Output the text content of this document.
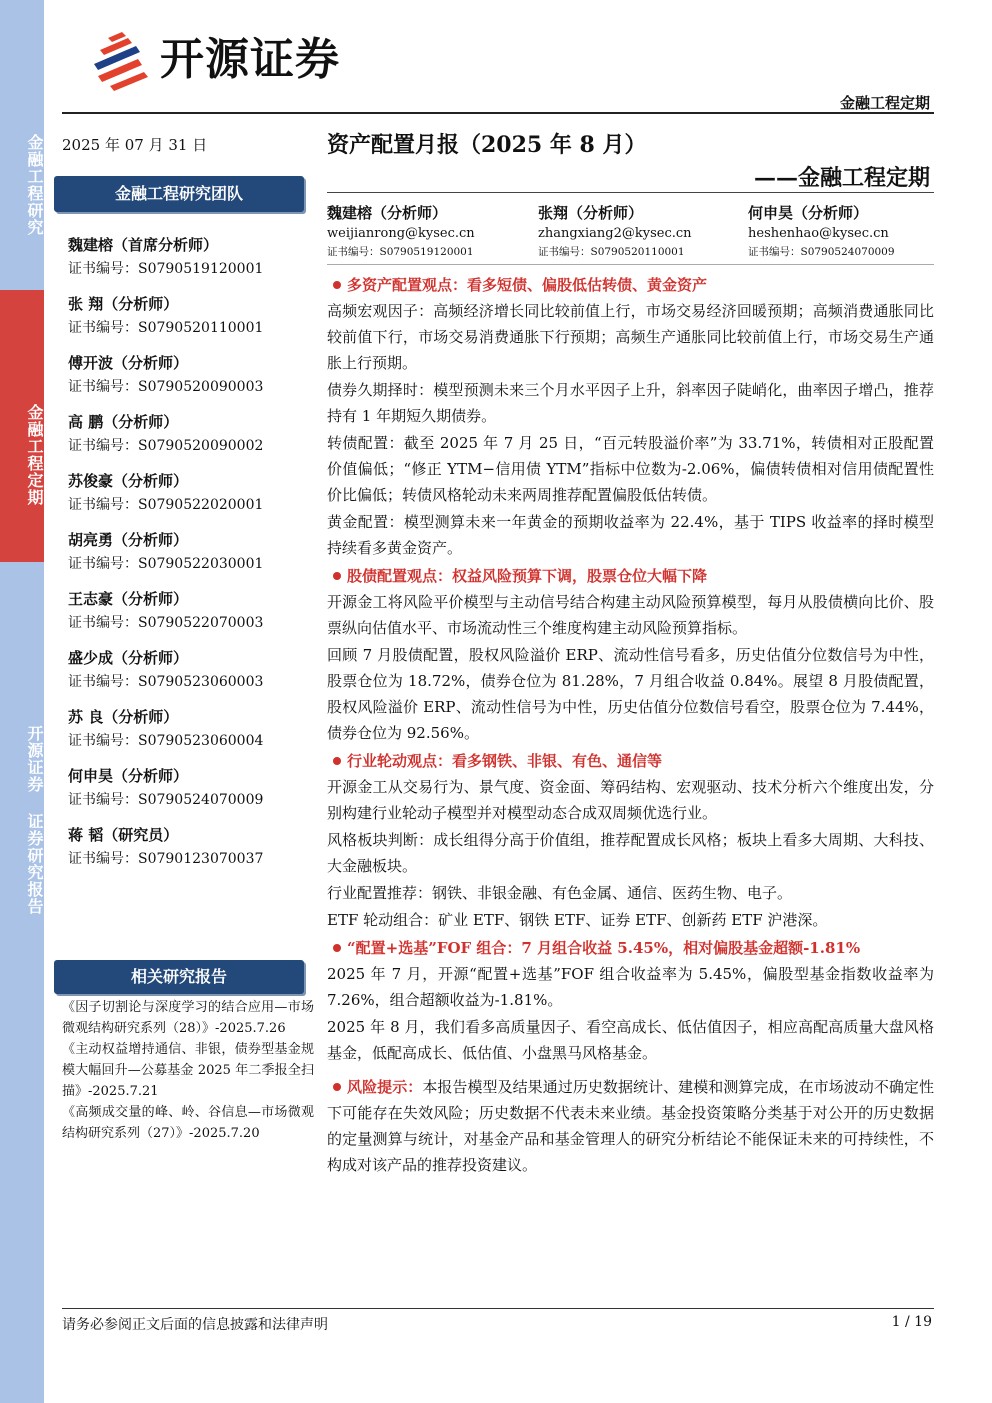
金融工程研究
金融工程定期
开源证券 证券研究报告
开源证券
金融工程定期
2025 年 07 月 31 日	资产配置月报（2025 年 8 月）
——金融工程定期
金融工程研究团队
魏建榕（首席分析师）
证书编号：S0790519120001
张 翔（分析师）
证书编号：S0790520110001
傅开波（分析师）
证书编号：S0790520090003
高 鹏（分析师）
证书编号：S0790520090002
苏俊豪（分析师）
证书编号：S0790522020001
胡亮勇（分析师）
证书编号：S0790522030001
王志豪（分析师）
证书编号：S0790522070003
盛少成（分析师）
证书编号：S0790523060003
苏 良（分析师）
证书编号：S0790523060004
何申昊（分析师）
证书编号：S0790524070009
蒋 韬（研究员）
证书编号：S0790123070037
相关研究报告
《因子切割论与深度学习的结合应用—市场微观结构研究系列（28）》-2025.7.26
《主动权益增持通信、非银，债券型基金规模大幅回升—公募基金 2025 年二季报全扫描》-2025.7.21
《高频成交量的峰、岭、谷信息—市场微观结构研究系列（27）》-2025.7.20
魏建榕（分析师）
weijianrong@kysec.cn
证书编号：S0790519120001
张翔（分析师）
zhangxiang2@kysec.cn
证书编号：S0790520110001
何申昊（分析师）
heshenhao@kysec.cn
证书编号：S0790524070009
多资产配置观点：看多短债、偏股低估转债、黄金资产

高频宏观因子：高频经济增长同比较前值上行，市场交易经济回暖预期；高频消费通胀同比较前值下行，市场交易消费通胀下行预期；高频生产通胀同比较前值上行，市场交易生产通胀上行预期。

债券久期择时：模型预测未来三个月水平因子上升，斜率因子陡峭化，曲率因子增凸，推荐持有 1 年期短久期债券。

转债配置：截至 2025 年 7 月 25 日，“百元转股溢价率”为 33.71%，转债相对正股配置价值偏低；“修正 YTM−信用债 YTM”指标中位数为-2.06%，偏债转债相对信用债配置性价比偏低；转债风格轮动未来两周推荐配置偏股低估转债。

黄金配置：模型测算未来一年黄金的预期收益率为 22.4%，基于 TIPS 收益率的择时模型持续看多黄金资产。

股债配置观点：权益风险预算下调，股票仓位大幅下降

开源金工将风险平价模型与主动信号结合构建主动风险预算模型，每月从股债横向比价、股票纵向估值水平、市场流动性三个维度构建主动风险预算指标。

回顾 7 月股债配置，股权风险溢价 ERP、流动性信号看多，历史估值分位数信号为中性，股票仓位为 18.72%，债券仓位为 81.28%，7 月组合收益 0.84%。展望 8 月股债配置，股权风险溢价 ERP、流动性信号为中性，历史估值分位数信号看空，股票仓位为 7.44%，债券仓位为 92.56%。

行业轮动观点：看多钢铁、非银、有色、通信等

开源金工从交易行为、景气度、资金面、筹码结构、宏观驱动、技术分析六个维度出发，分别构建行业轮动子模型并对模型动态合成双周频优选行业。

风格板块判断：成长组得分高于价值组，推荐配置成长风格；板块上看多大周期、大科技、大金融板块。

行业配置推荐：钢铁、非银金融、有色金属、通信、医药生物、电子。

ETF 轮动组合：矿业 ETF、钢铁 ETF、证券 ETF、创新药 ETF 沪港深。

“配置+选基”FOF 组合：7 月组合收益 5.45%，相对偏股基金超额-1.81%

2025 年 7 月，开源“配置+选基”FOF 组合收益率为 5.45%，偏股型基金指数收益率为 7.26%，组合超额收益为-1.81%。

2025 年 8 月，我们看多高质量因子、看空高成长、低估值因子，相应高配高质量大盘风格基金，低配高成长、低估值、小盘黑马风格基金。

风险提示：本报告模型及结果通过历史数据统计、建模和测算完成，在市场波动不确定性下可能存在失效风险；历史数据不代表未来业绩。基金投资策略分类基于对公开的历史数据的定量测算与统计，对基金产品和基金管理人的研究分析结论不能保证未来的可持续性，不构成对该产品的推荐投资建议。

请务必参阅正文后面的信息披露和法律声明	1 / 19
